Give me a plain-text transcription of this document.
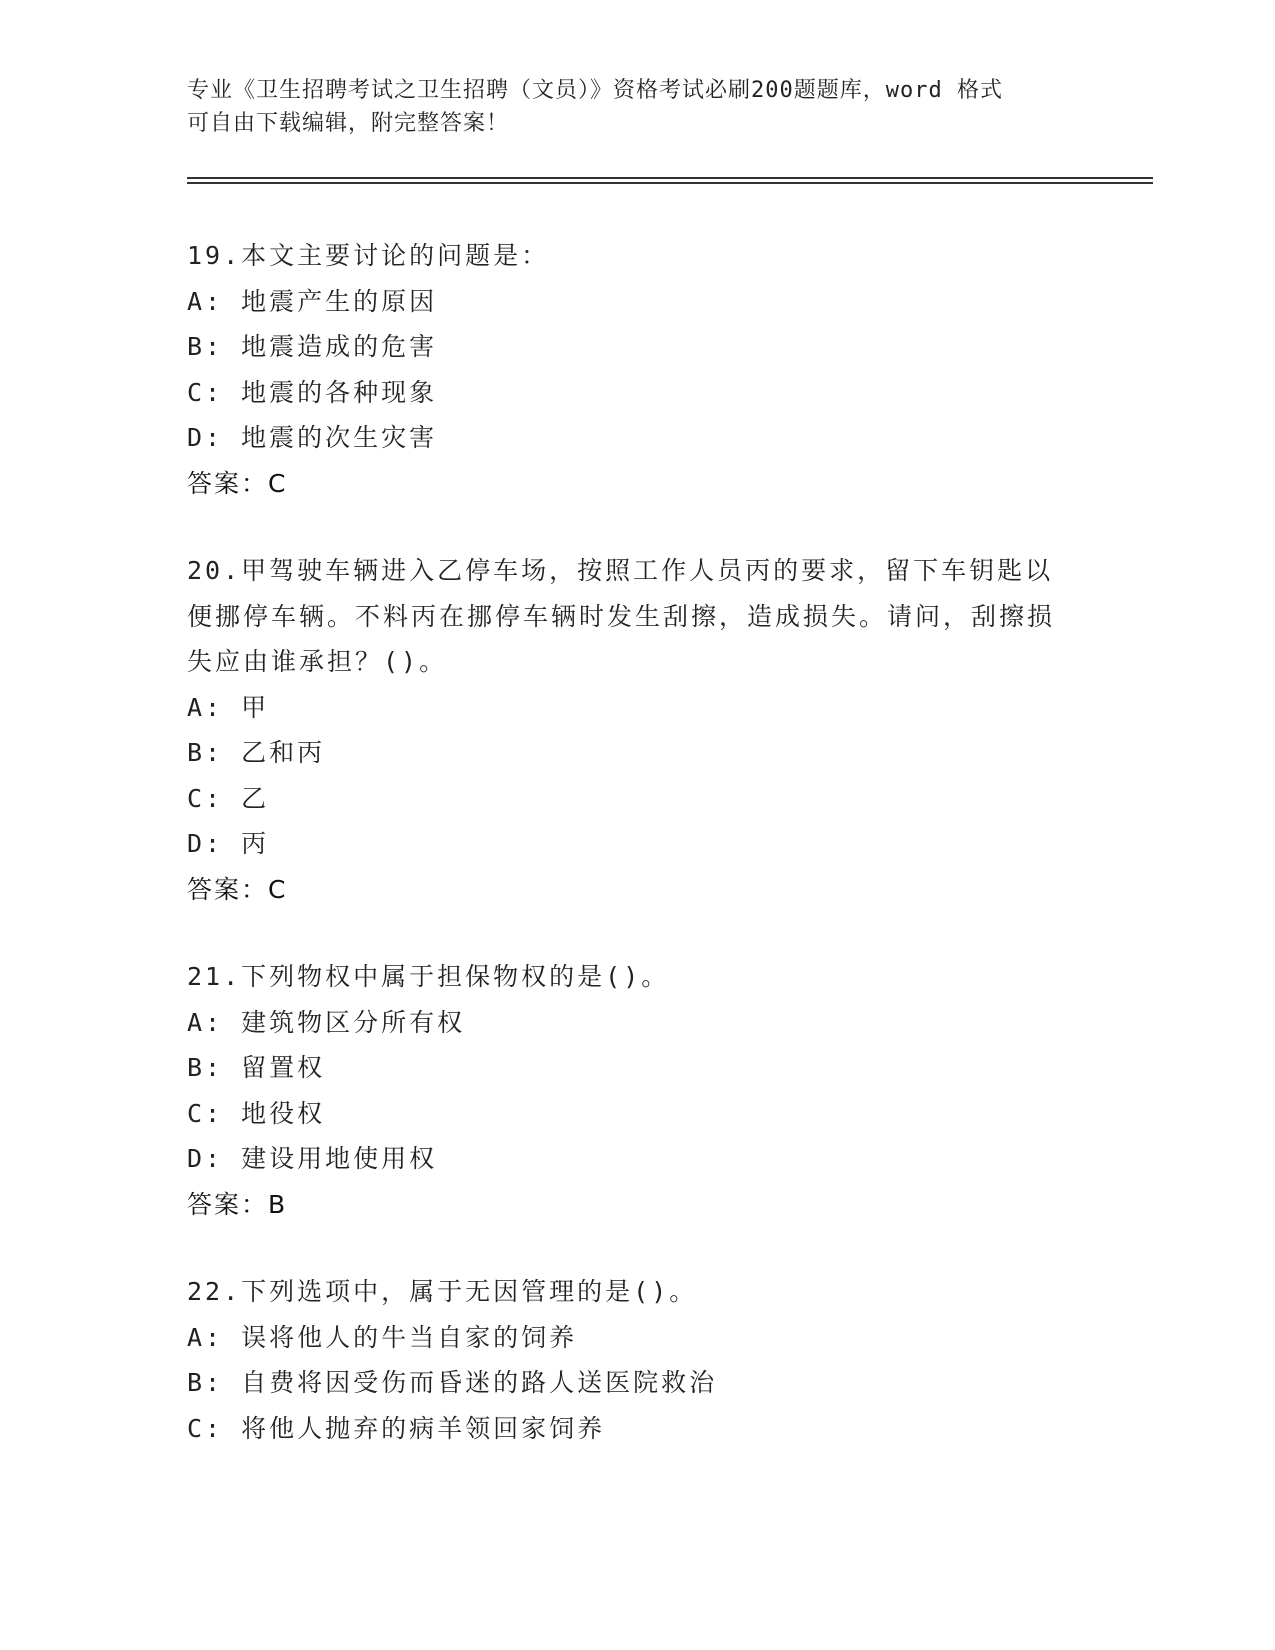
专业《卫生招聘考试之卫生招聘（文员）》资格考试必刷200题题库，word 格式
可自由下载编辑，附完整答案！
19.本文主要讨论的问题是：
A: 地震产生的原因
B: 地震造成的危害
C: 地震的各种现象
D: 地震的次生灾害
答案：C
20.甲驾驶车辆进入乙停车场，按照工作人员丙的要求，留下车钥匙以便挪停车辆。不料丙在挪停车辆时发生刮擦，造成损失。请问，刮擦损失应由谁承担？()。
A: 甲
B: 乙和丙
C: 乙
D: 丙
答案：C
21.下列物权中属于担保物权的是()。
A: 建筑物区分所有权
B: 留置权
C: 地役权
D: 建设用地使用权
答案：B
22.下列选项中，属于无因管理的是()。
A: 误将他人的牛当自家的饲养
B: 自费将因受伤而昏迷的路人送医院救治
C: 将他人抛弃的病羊领回家饲养
